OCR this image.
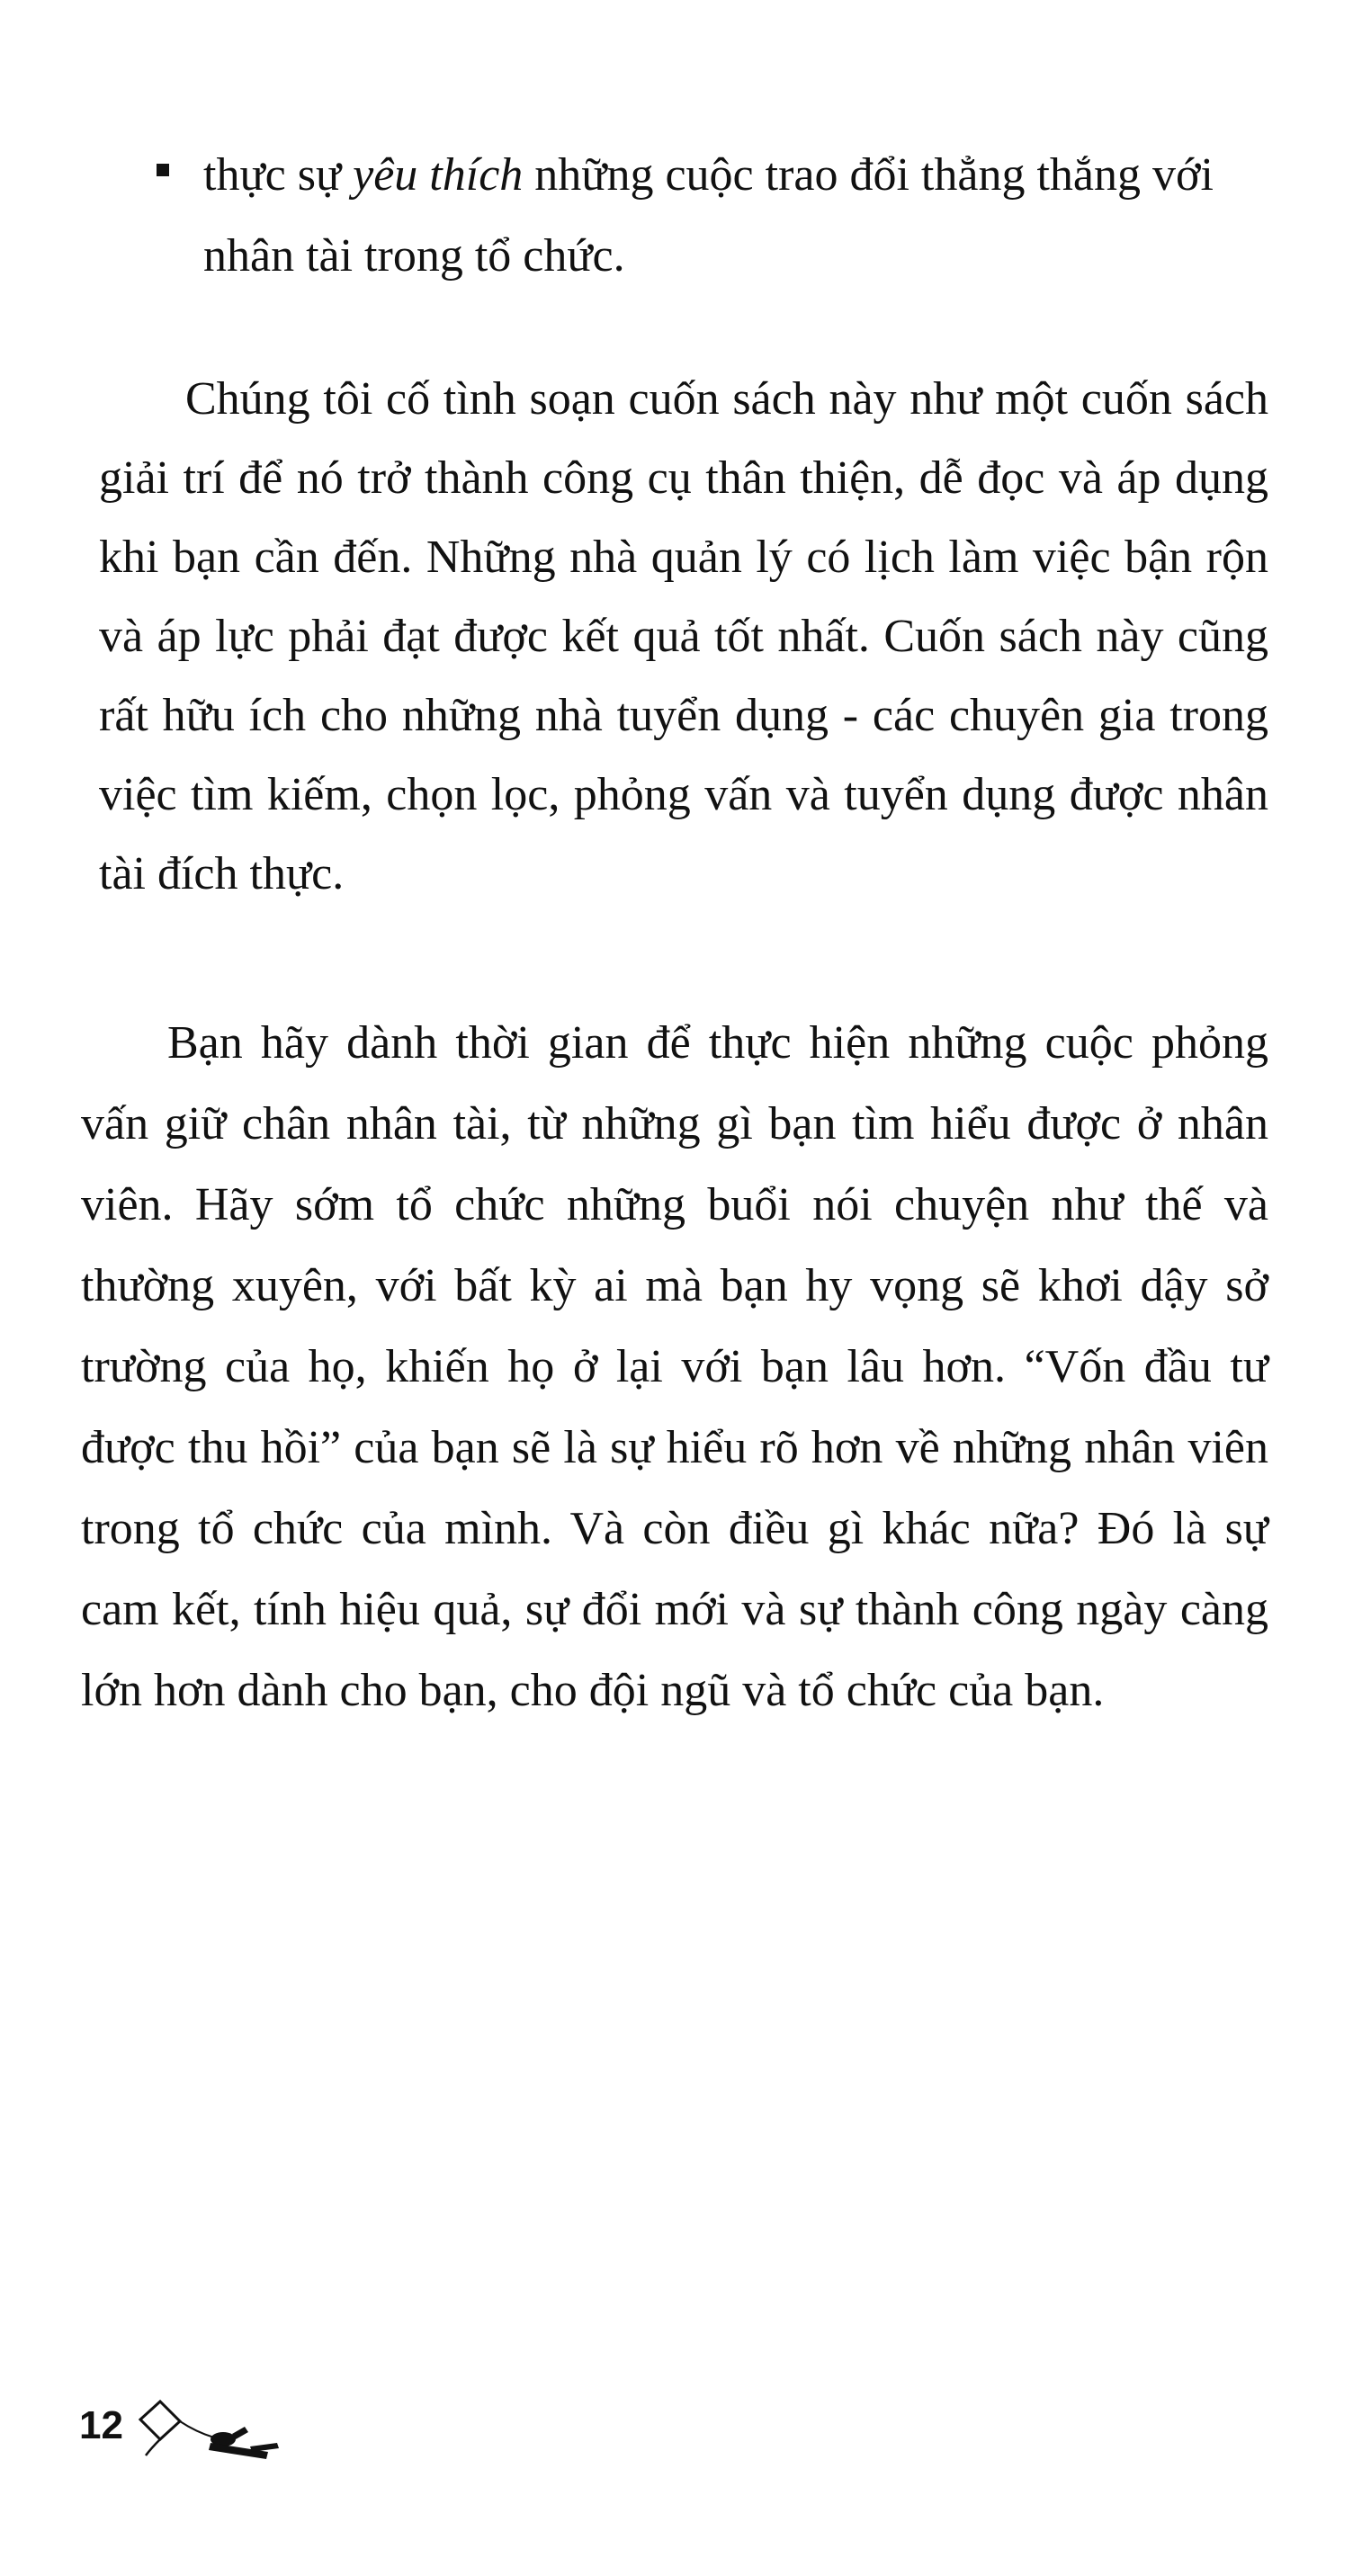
thực sự yêu thích những cuộc trao đổi thẳng thắng với nhân tài trong tổ chức.

Chúng tôi cố tình soạn cuốn sách này như một cuốn sách giải trí để nó trở thành công cụ thân thiện, dễ đọc và áp dụng khi bạn cần đến. Những nhà quản lý có lịch làm việc bận rộn và áp lực phải đạt được kết quả tốt nhất. Cuốn sách này cũng rất hữu ích cho những nhà tuyển dụng - các chuyên gia trong việc tìm kiếm, chọn lọc, phỏng vấn và tuyển dụng được nhân tài đích thực.

Bạn hãy dành thời gian để thực hiện những cuộc phỏng vấn giữ chân nhân tài, từ những gì bạn tìm hiểu được ở nhân viên. Hãy sớm tổ chức những buổi nói chuyện như thế và thường xuyên, với bất kỳ ai mà bạn hy vọng sẽ khơi dậy sở trường của họ, khiến họ ở lại với bạn lâu hơn. “Vốn đầu tư được thu hồi” của bạn sẽ là sự hiểu rõ hơn về những nhân viên trong tổ chức của mình. Và còn điều gì khác nữa? Đó là sự cam kết, tính hiệu quả, sự đổi mới và sự thành công ngày càng lớn hơn dành cho bạn, cho đội ngũ và tổ chức của bạn.

12
